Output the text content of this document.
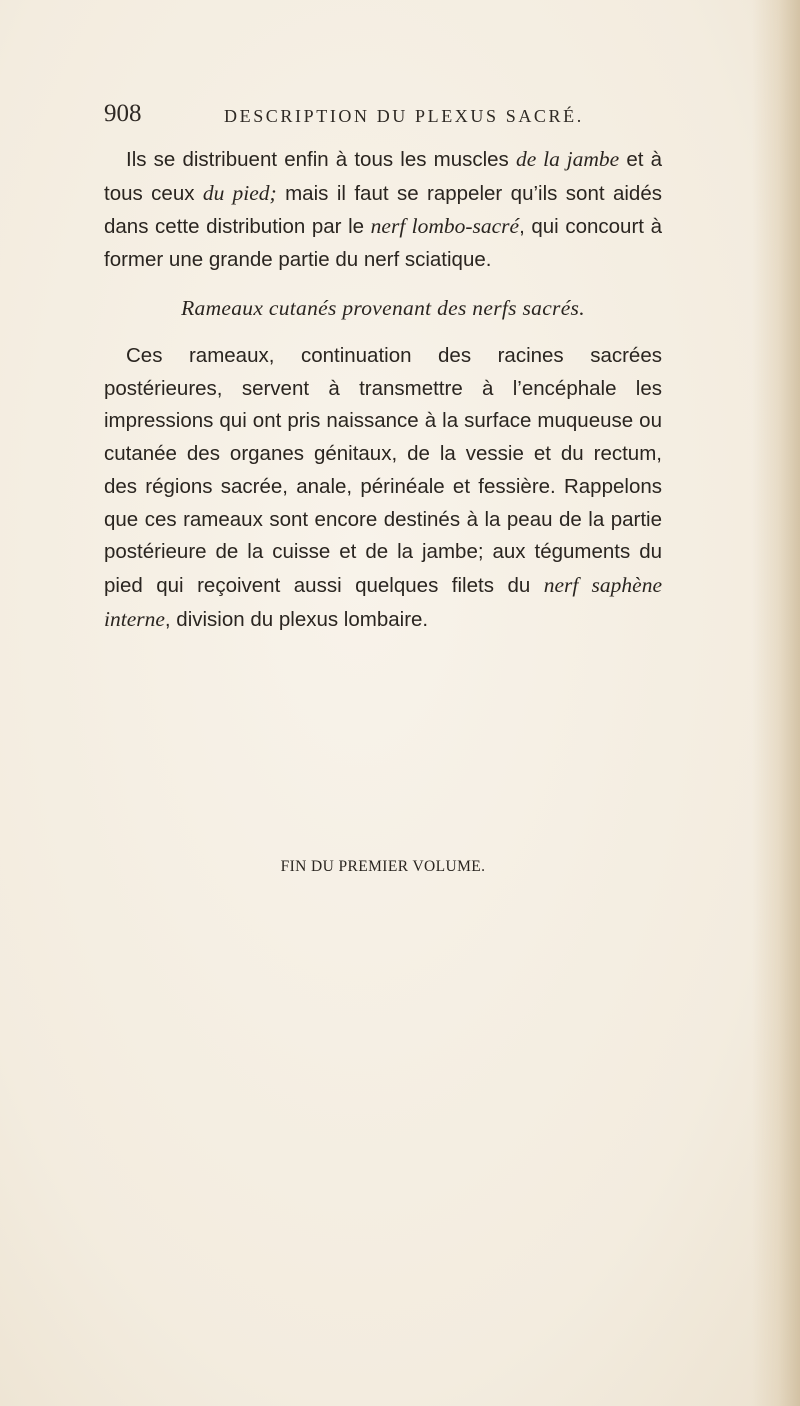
908	DESCRIPTION DU PLEXUS SACRÉ.

Ils se distribuent enfin à tous les muscles de la jambe et à tous ceux du pied; mais il faut se rappeler qu’ils sont aidés dans cette distribution par le nerf lombo-sacré, qui concourt à former une grande partie du nerf sciatique.

Rameaux cutanés provenant des nerfs sacrés.

Ces rameaux, continuation des racines sacrées postérieures, servent à transmettre à l’encéphale les impressions qui ont pris naissance à la surface muqueuse ou cutanée des organes génitaux, de la vessie et du rectum, des régions sacrée, anale, périnéale et fessière. Rappelons que ces rameaux sont encore destinés à la peau de la partie postérieure de la cuisse et de la jambe; aux téguments du pied qui reçoivent aussi quelques filets du nerf saphène interne, division du plexus lombaire.

FIN DU PREMIER VOLUME.
